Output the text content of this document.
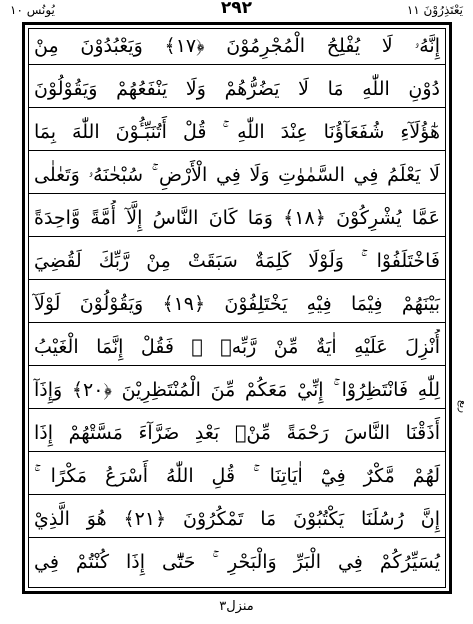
يُونُس ١٠	٢٩٢	يَعْتَذِرُوْنَ ١١
إِنَّهُۥ لَا يُفْلِحُ الْمُجْرِمُوْنَ ﴿١٧﴾ وَيَعْبُدُوْنَ مِنْ
دُوْنِ اللّٰهِ مَا لَا يَضُرُّهُمْ وَلَا يَنْفَعُهُمْ وَيَقُوْلُوْنَ
هٰٓؤُلَآءِ شُفَعَآؤُنَا عِنْدَ اللّٰهِ ۚ قُلْ أَتُنَبِّـُٔوْنَ اللّٰهَ بِمَا
لَا يَعْلَمُ فِي السَّمٰوٰتِ وَلَا فِي الْأَرْضِ ۚ سُبْحٰنَهُۥ وَتَعٰلٰى
عَمَّا يُشْرِكُوْنَ ﴿١٨﴾ وَمَا كَانَ النَّاسُ إِلَّآ أُمَّةً وَّاحِدَةً
فَاخْتَلَفُوْا ۚ وَلَوْلَا كَلِمَةٌ سَبَقَتْ مِنْ رَّبِّكَ لَقُضِيَ
بَيْنَهُمْ فِيْمَا فِيْهِ يَخْتَلِفُوْنَ ﴿١٩﴾ وَيَقُوْلُوْنَ لَوْلَآ
أُنْزِلَ عَلَيْهِ اٰيَةٌ مِّنْ رَّبِّهٖ ۚ فَقُلْ إِنَّمَا الْغَيْبُ
لِلّٰهِ فَانْتَظِرُوْا ۚ إِنِّيْ مَعَكُمْ مِّنَ الْمُنْتَظِرِيْنَ ﴿٢٠﴾ وَإِذَآ
أَذَقْنَا النَّاسَ رَحْمَةً مِّنْۢ بَعْدِ ضَرَّآءَ مَسَّتْهُمْ إِذَا
لَهُمْ مَّكْرٌ فِيْٓ اٰيَاتِنَا ۚ قُلِ اللّٰهُ أَسْرَعُ مَكْرًا ۚ
إِنَّ رُسُلَنَا يَكْتُبُوْنَ مَا تَمْكُرُوْنَ ﴿٢١﴾ هُوَ الَّذِيْ
يُسَيِّرُكُمْ فِي الْبَرِّ وَالْبَحْرِ ۚ حَتّٰٓى إِذَا كُنْتُمْ فِي
ربع
منزل٣
